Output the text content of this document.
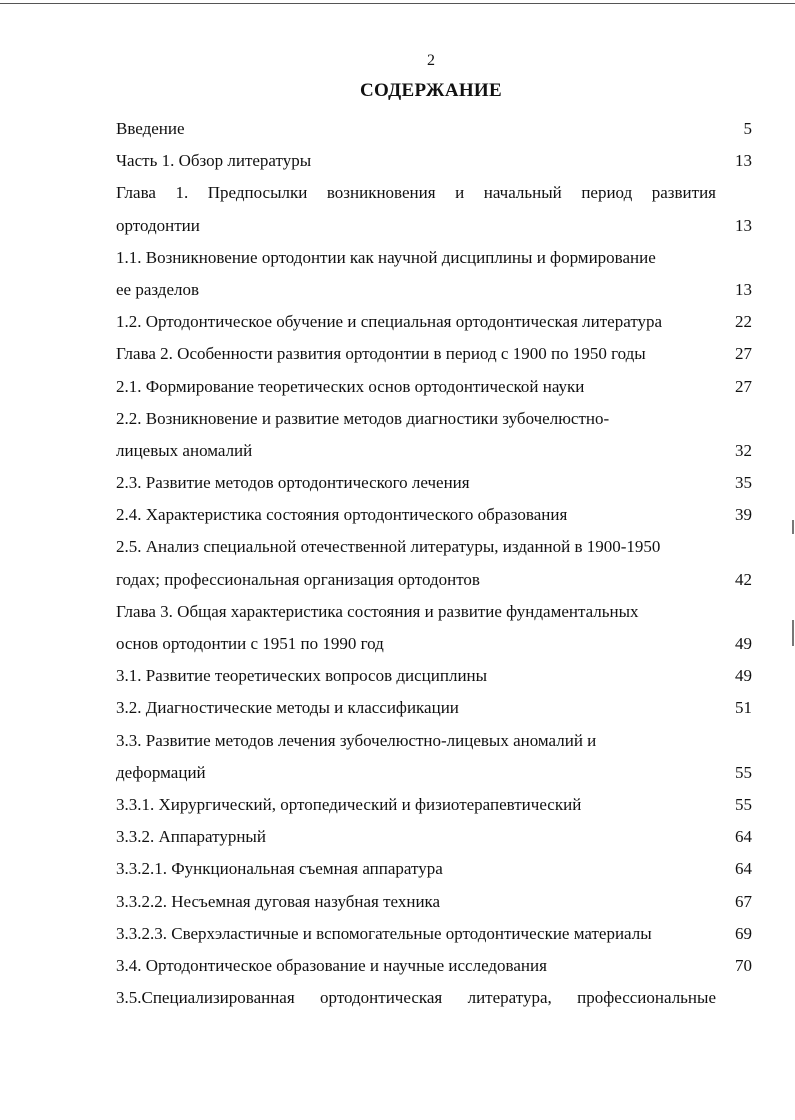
2
СОДЕРЖАНИЕ
Введение	5
Часть 1. Обзор литературы	13
Глава 1. Предпосылки возникновения и начальный период развития
ортодонтии	13
1.1. Возникновение ортодонтии как научной дисциплины и формирование
ее разделов	13
1.2. Ортодонтическое обучение и специальная ортодонтическая литература	22
Глава 2. Особенности развития ортодонтии в период с 1900 по 1950 годы	27
2.1. Формирование теоретических основ ортодонтической науки	27
2.2. Возникновение и развитие методов диагностики зубочелюстно-
лицевых аномалий	32
2.3. Развитие методов ортодонтического лечения	35
2.4. Характеристика состояния ортодонтического образования	39
2.5. Анализ специальной отечественной литературы, изданной в 1900-1950
годах; профессиональная организация ортодонтов	42
Глава 3. Общая характеристика состояния и развитие фундаментальных
основ ортодонтии с 1951 по 1990 год	49
3.1. Развитие теоретических вопросов дисциплины	49
3.2. Диагностические методы и классификации	51
3.3. Развитие методов лечения зубочелюстно-лицевых аномалий и
деформаций	55
3.3.1. Хирургический, ортопедический и физиотерапевтический	55
3.3.2. Аппаратурный	64
3.3.2.1. Функциональная съемная аппаратура	64
3.3.2.2. Несъемная дуговая назубная техника	67
3.3.2.3. Сверхэластичные и вспомогательные ортодонтические материалы	69
3.4. Ортодонтическое образование и научные исследования	70
3.5.Специализированная ортодонтическая литература, профессиональные
